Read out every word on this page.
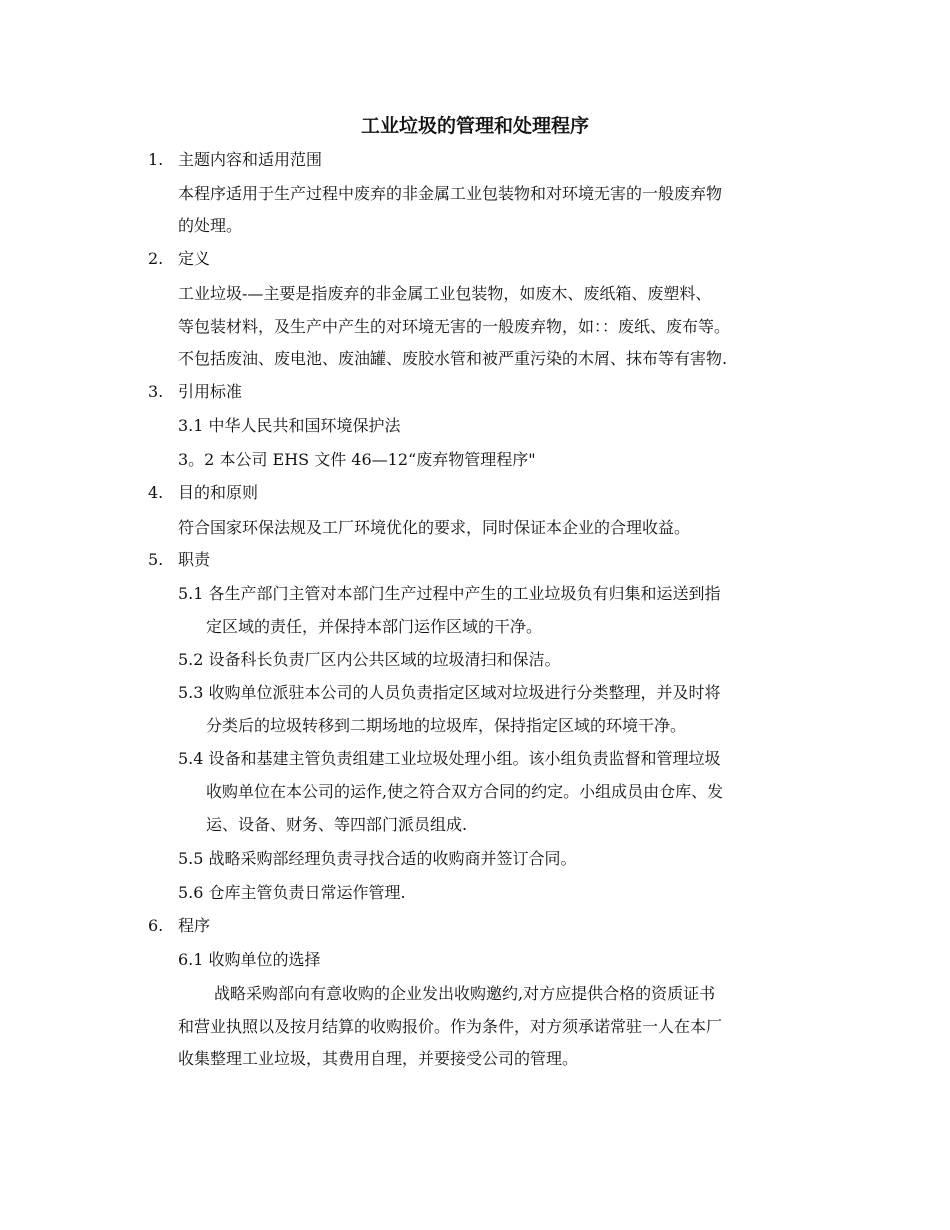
工业垃圾的管理和处理程序
1. 主题内容和适用范围
本程序适用于生产过程中废弃的非金属工业包装物和对环境无害的一般废弃物
的处理。
2. 定义
工业垃圾-—主要是指废弃的非金属工业包装物，如废木、废纸箱、废塑料、
等包装材料，及生产中产生的对环境无害的一般废弃物，如：：废纸、废布等。
不包括废油、废电池、废油罐、废胶水管和被严重污染的木屑、抹布等有害物.
3. 引用标准
3.1 中华人民共和国环境保护法
3。2 本公司 EHS 文件 46—12“废弃物管理程序"
4. 目的和原则
符合国家环保法规及工厂环境优化的要求，同时保证本企业的合理收益。
5. 职责
5.1 各生产部门主管对本部门生产过程中产生的工业垃圾负有归集和运送到指
定区域的责任，并保持本部门运作区域的干净。
5.2 设备科长负责厂区内公共区域的垃圾清扫和保洁。
5.3 收购单位派驻本公司的人员负责指定区域对垃圾进行分类整理，并及时将
分类后的垃圾转移到二期场地的垃圾库，保持指定区域的环境干净。
5.4 设备和基建主管负责组建工业垃圾处理小组。该小组负责监督和管理垃圾
收购单位在本公司的运作,使之符合双方合同的约定。小组成员由仓库、发
运、设备、财务、等四部门派员组成.
5.5 战略采购部经理负责寻找合适的收购商并签订合同。
5.6 仓库主管负责日常运作管理.
6. 程序
6.1 收购单位的选择
战略采购部向有意收购的企业发出收购邀约,对方应提供合格的资质证书
和营业执照以及按月结算的收购报价。作为条件，对方须承诺常驻一人在本厂
收集整理工业垃圾，其费用自理，并要接受公司的管理。
